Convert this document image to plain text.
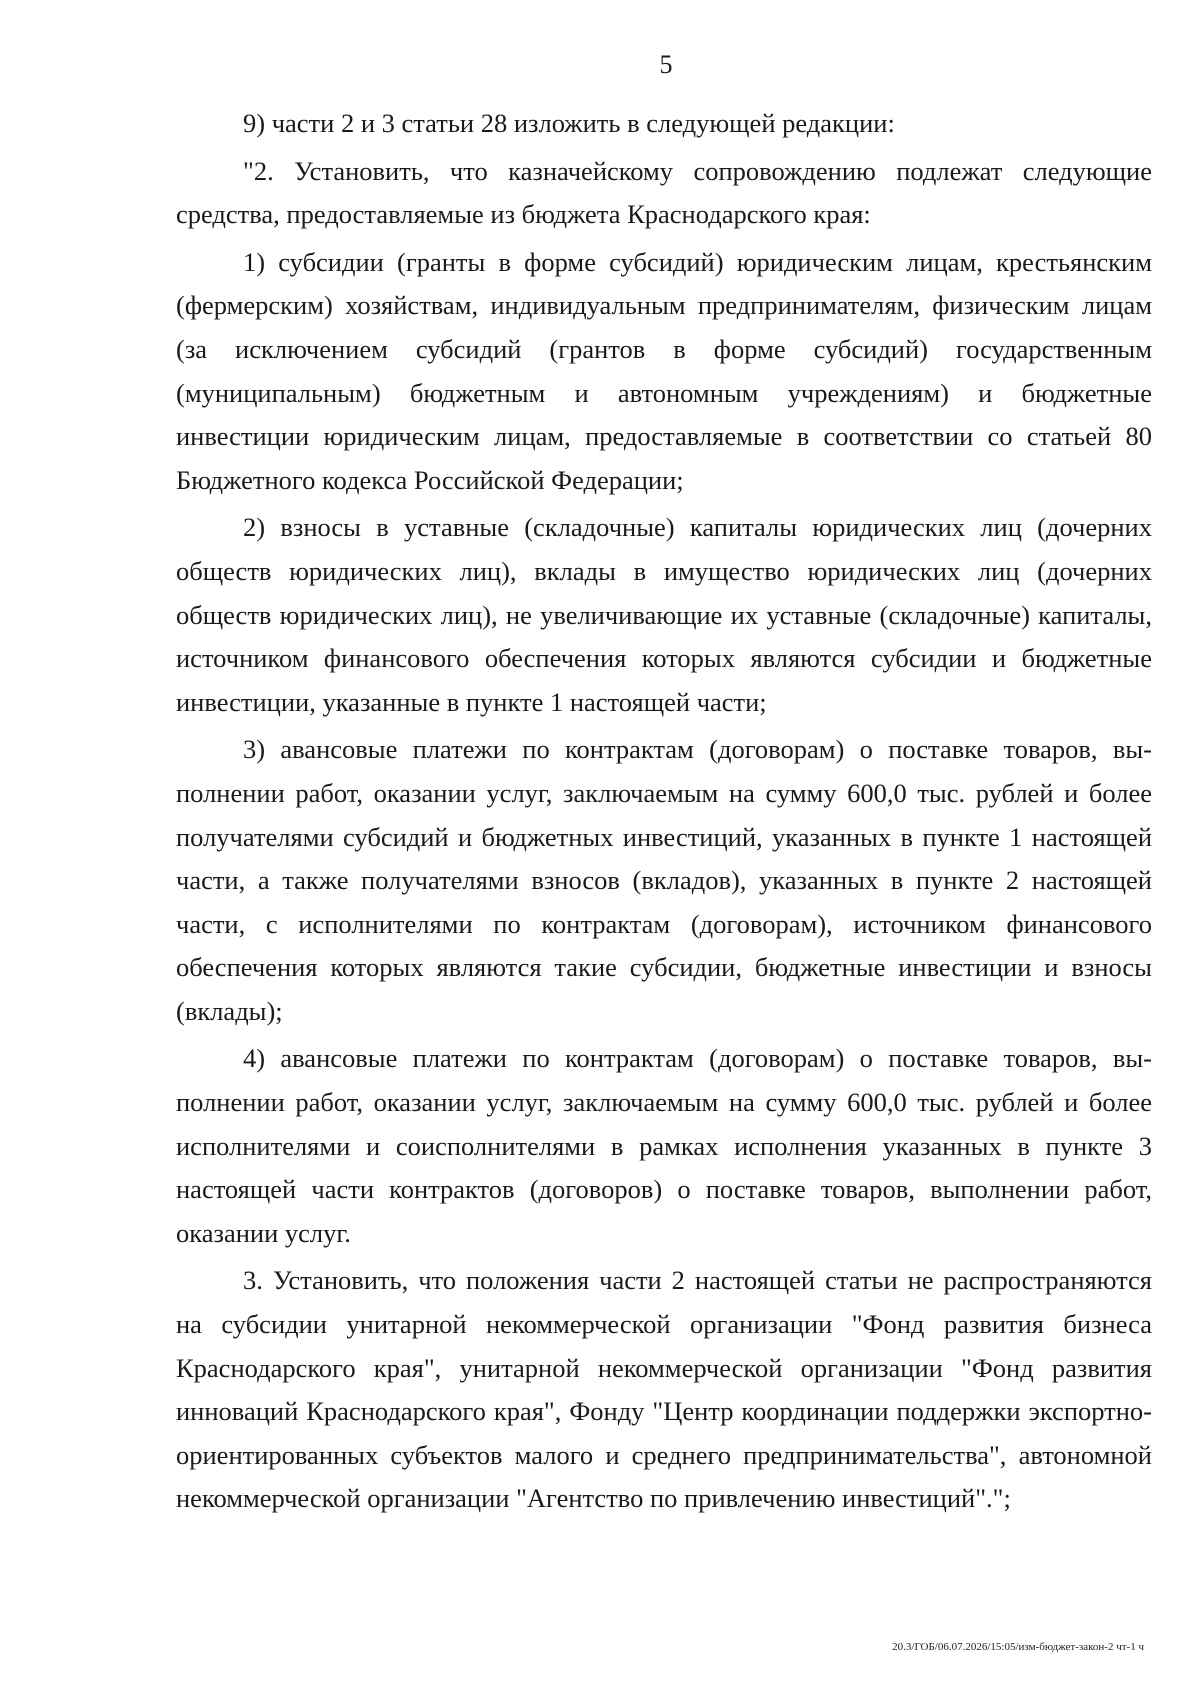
5

9) части 2 и 3 статьи 28 изложить в следующей редакции:

"2. Установить, что казначейскому сопровождению подлежат следующие средства, предоставляемые из бюджета Краснодарского края:

1) субсидии (гранты в форме субсидий) юридическим лицам, крестьянским (фермерским) хозяйствам, индивидуальным предпринимателям, физическим лицам (за исключением субсидий (грантов в форме субсидий) государственным (муниципальным) бюджетным и автономным учреждениям) и бюджетные инвестиции юридическим лицам, предоставляемые в соответствии со статьей 80 Бюджетного кодекса Российской Федерации;

2) взносы в уставные (складочные) капиталы юридических лиц (дочерних обществ юридических лиц), вклады в имущество юридических лиц (дочерних обществ юридических лиц), не увеличивающие их уставные (складочные) капиталы, источником финансового обеспечения которых являются субсидии и бюджетные инвестиции, указанные в пункте 1 настоящей части;

3) авансовые платежи по контрактам (договорам) о поставке товаров, выполнении работ, оказании услуг, заключаемым на сумму 600,0 тыс. рублей и более получателями субсидий и бюджетных инвестиций, указанных в пункте 1 настоящей части, а также получателями взносов (вкладов), указанных в пункте 2 настоящей части, с исполнителями по контрактам (договорам), источником финансового обеспечения которых являются такие субсидии, бюджетные инвестиции и взносы (вклады);

4) авансовые платежи по контрактам (договорам) о поставке товаров, выполнении работ, оказании услуг, заключаемым на сумму 600,0 тыс. рублей и более исполнителями и соисполнителями в рамках исполнения указанных в пункте 3 настоящей части контрактов (договоров) о поставке товаров, выполнении работ, оказании услуг.

3. Установить, что положения части 2 настоящей статьи не распространяются на субсидии унитарной некоммерческой организации "Фонд развития бизнеса Краснодарского края", унитарной некоммерческой организации "Фонд развития инноваций Краснодарского края", Фонду "Центр координации поддержки экспортно-ориентированных субъектов малого и среднего предпринимательства", автономной некоммерческой организации "Агентство по привлечению инвестиций".";

20.3/ГОБ/06.07.2026/15:05/изм-бюджет-закон-2 чт-1 ч
